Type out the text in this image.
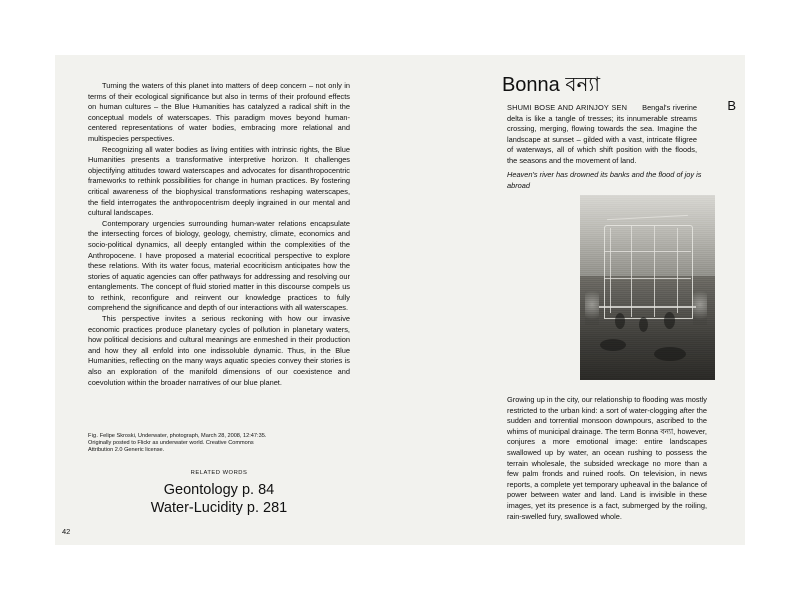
Turning the waters of this planet into matters of deep concern – not only in terms of their ecological significance but also in terms of their profound effects on human cultures – the Blue Humanities has catalyzed a radical shift in the conceptual models of waterscapes. This paradigm moves beyond human-centered representations of water bodies, embracing more relational and multispecies perspectives.

Recognizing all water bodies as living entities with intrinsic rights, the Blue Humanities presents a transformative interpretive horizon. It challenges objectifying attitudes toward waterscapes and advocates for disanthropocentric frameworks to rethink possibilities for change in human practices. By fostering critical awareness of the biophysical transformations reshaping waterscapes, the field interrogates the anthropocentrism deeply ingrained in our mental and cultural landscapes.

Contemporary urgencies surrounding human-water relations encapsulate the intersecting forces of biology, geology, chemistry, climate, economics and socio-political dynamics, all deeply entangled within the complexities of the Anthropocene. I have proposed a material ecocritical perspective to explore these relations. With its water focus, material ecocriticism anticipates how the stories of aquatic agencies can offer pathways for addressing and resolving our entanglements. The concept of fluid storied matter in this discourse compels us to rethink, reconfigure and reinvent our knowledge practices to fully comprehend the significance and depth of our interactions with all waterscapes.

This perspective invites a serious reckoning with how our invasive economic practices produce planetary cycles of pollution in planetary waters, how political decisions and cultural meanings are enmeshed in their production and how they all enfold into one indissoluble dynamic. Thus, in the Blue Humanities, reflecting on the many ways aquatic species convey their stories is also an exploration of the manifold dimensions of our coexistence and coevolution within the broader narratives of our blue planet.

Fig. Felipe Skroski, Underwater, photograph, March 28, 2008, 12:47:35. Originally posted to Flickr as underwater world. Creative Commons Attribution 2.0 Generic license.
RELATED WORDS
Geontology p. 84
Water-Lucidity p. 281
42
B
Bonna বন্যা
SHUMI BOSE AND ARINJOY SEN Bengal's riverine delta is like a tangle of tresses; its innumerable streams crossing, merging, flowing towards the sea. Imagine the landscape at sunset – gilded with a vast, intricate filigree of waterways, all of which shift position with the floods, the seasons and the movement of land.
Heaven's river has drowned its banks and the flood of joy is abroad

Growing up in the city, our relationship to flooding was mostly restricted to the urban kind: a sort of water-clogging after the sudden and torrential monsoon downpours, ascribed to the whims of municipal drainage. The term Bonna বন্যা, however, conjures a more emotional image: entire landscapes swallowed up by water, an ocean rushing to possess the terrain wholesale, the subsided wreckage no more than a few palm fronds and ruined roofs. On television, in news reports, a complete yet temporary upheaval in the balance of power between water and land. Land is invisible in these images, yet its presence is a fact, submerged by the roiling, rain-swelled fury, swallowed whole.
